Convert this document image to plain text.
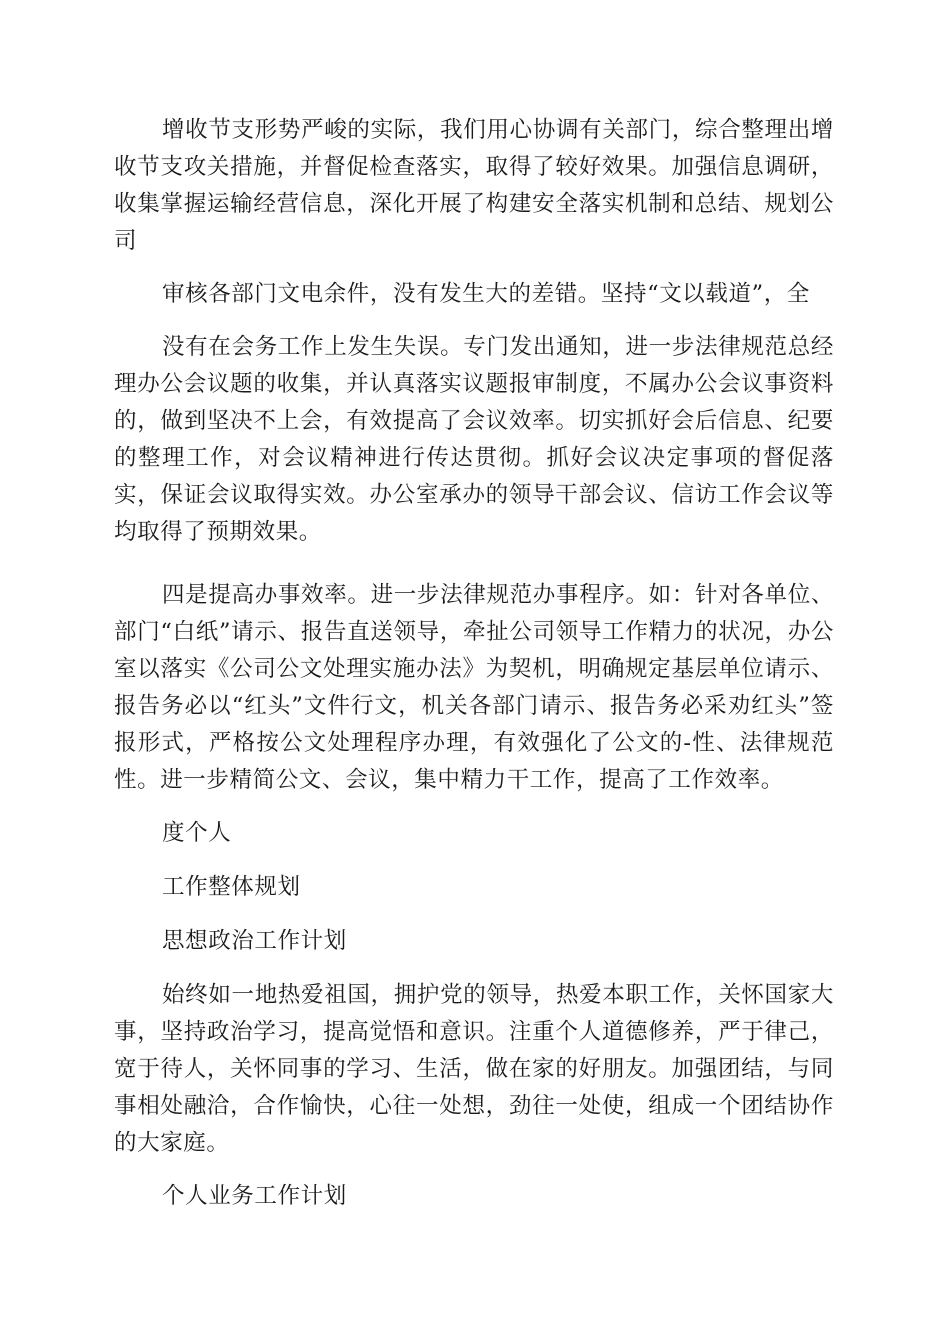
增收节支形势严峻的实际，我们用心协调有关部门，综合整理出增收节支攻关措施，并督促检查落实，取得了较好效果。加强信息调研，收集掌握运输经营信息，深化开展了构建安全落实机制和总结、规划公司

审核各部门文电余件，没有发生大的差错。坚持“文以载道”，全

没有在会务工作上发生失误。专门发出通知，进一步法律规范总经理办公会议题的收集，并认真落实议题报审制度，不属办公会议事资料的，做到坚决不上会，有效提高了会议效率。切实抓好会后信息、纪要的整理工作，对会议精神进行传达贯彻。抓好会议决定事项的督促落实，保证会议取得实效。办公室承办的领导干部会议、信访工作会议等均取得了预期效果。

四是提高办事效率。进一步法律规范办事程序。如：针对各单位、部门“白纸”请示、报告直送领导，牵扯公司领导工作精力的状况，办公室以落实《公司公文处理实施办法》为契机，明确规定基层单位请示、报告务必以“红头”文件行文，机关各部门请示、报告务必采劝红头”签报形式，严格按公文处理程序办理，有效强化了公文的-性、法律规范性。进一步精简公文、会议，集中精力干工作，提高了工作效率。

度个人

工作整体规划

思想政治工作计划

始终如一地热爱祖国，拥护党的领导，热爱本职工作，关怀国家大事，坚持政治学习，提高觉悟和意识。注重个人道德修养，严于律己，宽于待人，关怀同事的学习、生活，做在家的好朋友。加强团结，与同事相处融洽，合作愉快，心往一处想，劲往一处使，组成一个团结协作的大家庭。

个人业务工作计划
